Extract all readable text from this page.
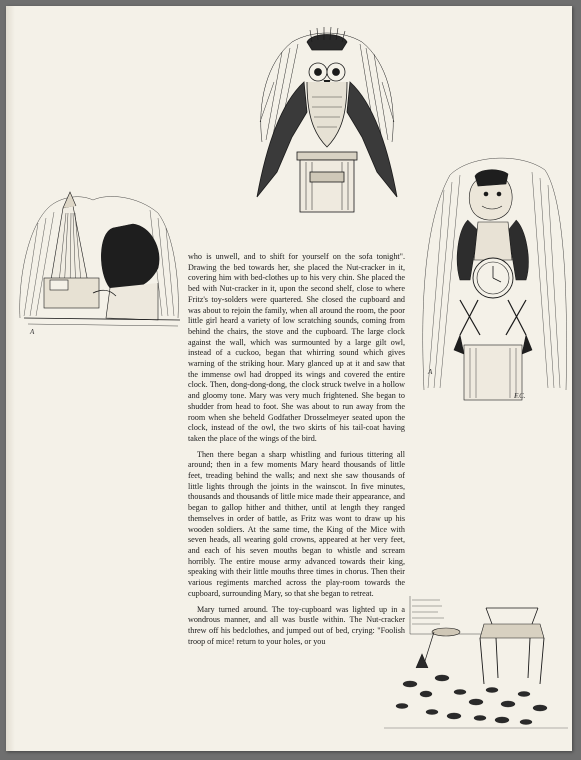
A
A
F.C.

who is unwell, and to shift for yourself on the sofa tonight". Drawing the bed towards her, she placed the Nut-cracker in it, covering him with bed-clothes up to his very chin. She placed the bed with Nut-cracker in it, upon the second shelf, close to where Fritz's toy-solders were quartered. She closed the cupboard and was about to rejoin the family, when all around the room, the poor little girl heard a variety of low scratching sounds, coming from behind the chairs, the stove and the cupboard. The large clock against the wall, which was surmounted by a large gilt owl, instead of a cuckoo, began that whirring sound which gives warning of the striking hour. Mary glanced up at it and saw that the immense owl had dropped its wings and covered the entire clock. Then, dong-dong-dong, the clock struck twelve in a hollow and gloomy tone. Mary was very much frightened. She began to shudder from head to foot. She was about to run away from the room when she beheld Godfather Drosselmeyer seated upon the clock, instead of the owl, the two skirts of his tail-coat having taken the place of the wings of the bird.

Then there began a sharp whistling and furious tittering all around; then in a few moments Mary heard thousands of little feet, treading behind the walls; and next she saw thousands of little lights through the joints in the wainscot. In five minutes, thousands and thousands of little mice made their appearance, and began to gallop hither and thither, until at length they ranged themselves in order of battle, as Fritz was wont to draw up his wooden soldiers. At the same time, the King of the Mice with seven heads, all wearing gold crowns, appeared at her very feet, and each of his seven mouths began to whistle and scream horribly. The entire mouse army advanced towards their king, speaking with their little mouths three times in chorus. Then their various regiments marched across the play-room towards the cupboard, surrounding Mary, so that she began to retreat.

Mary turned around. The toy-cupboard was lighted up in a wondrous manner, and all was bustle within. The Nut-cracker threw off his bedclothes, and jumped out of bed, crying: "Foolish troop of mice! return to your holes, or you
